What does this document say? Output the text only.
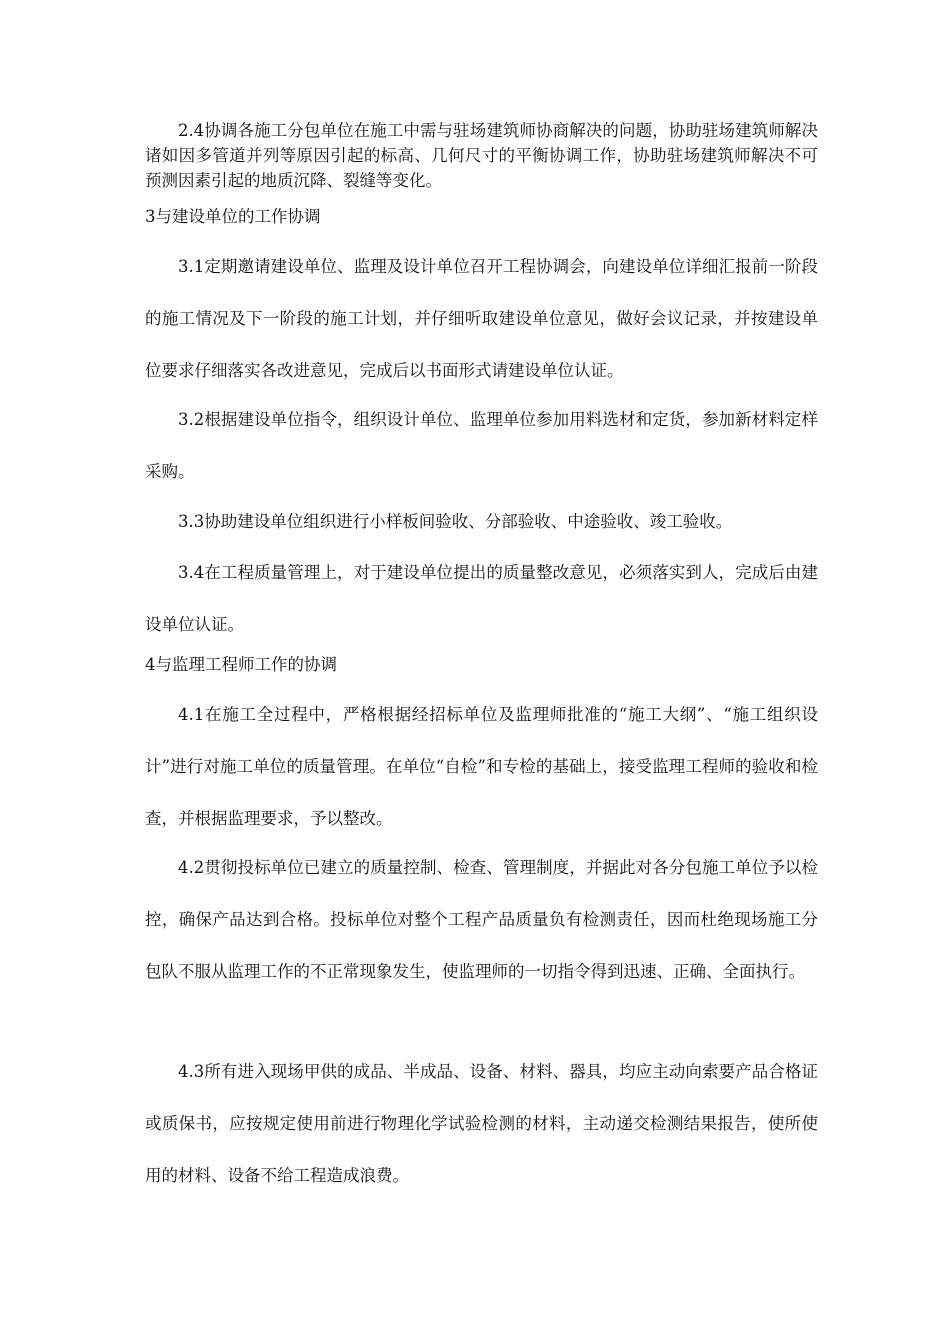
2.4协调各施工分包单位在施工中需与驻场建筑师协商解决的问题，协助驻场建筑师解决诸如因多管道并列等原因引起的标高、几何尺寸的平衡协调工作，协助驻场建筑师解决不可预测因素引起的地质沉降、裂缝等变化。

3与建设单位的工作协调

3.1定期邀请建设单位、监理及设计单位召开工程协调会，向建设单位详细汇报前一阶段的施工情况及下一阶段的施工计划，并仔细听取建设单位意见，做好会议记录，并按建设单位要求仔细落实各改进意见，完成后以书面形式请建设单位认证。

3.2根据建设单位指令，组织设计单位、监理单位参加用料选材和定货，参加新材料定样采购。

3.3协助建设单位组织进行小样板间验收、分部验收、中途验收、竣工验收。

3.4在工程质量管理上，对于建设单位提出的质量整改意见，必须落实到人，完成后由建设单位认证。

4与监理工程师工作的协调

4.1在施工全过程中，严格根据经招标单位及监理师批准的“施工大纲”、“施工组织设计”进行对施工单位的质量管理。在单位“自检”和专检的基础上，接受监理工程师的验收和检查，并根据监理要求，予以整改。

4.2贯彻投标单位已建立的质量控制、检查、管理制度，并据此对各分包施工单位予以检控，确保产品达到合格。投标单位对整个工程产品质量负有检测责任，因而杜绝现场施工分包队不服从监理工作的不正常现象发生，使监理师的一切指令得到迅速、正确、全面执行。

4.3所有进入现场甲供的成品、半成品、设备、材料、器具，均应主动向索要产品合格证或质保书，应按规定使用前进行物理化学试验检测的材料，主动递交检测结果报告，使所使用的材料、设备不给工程造成浪费。
